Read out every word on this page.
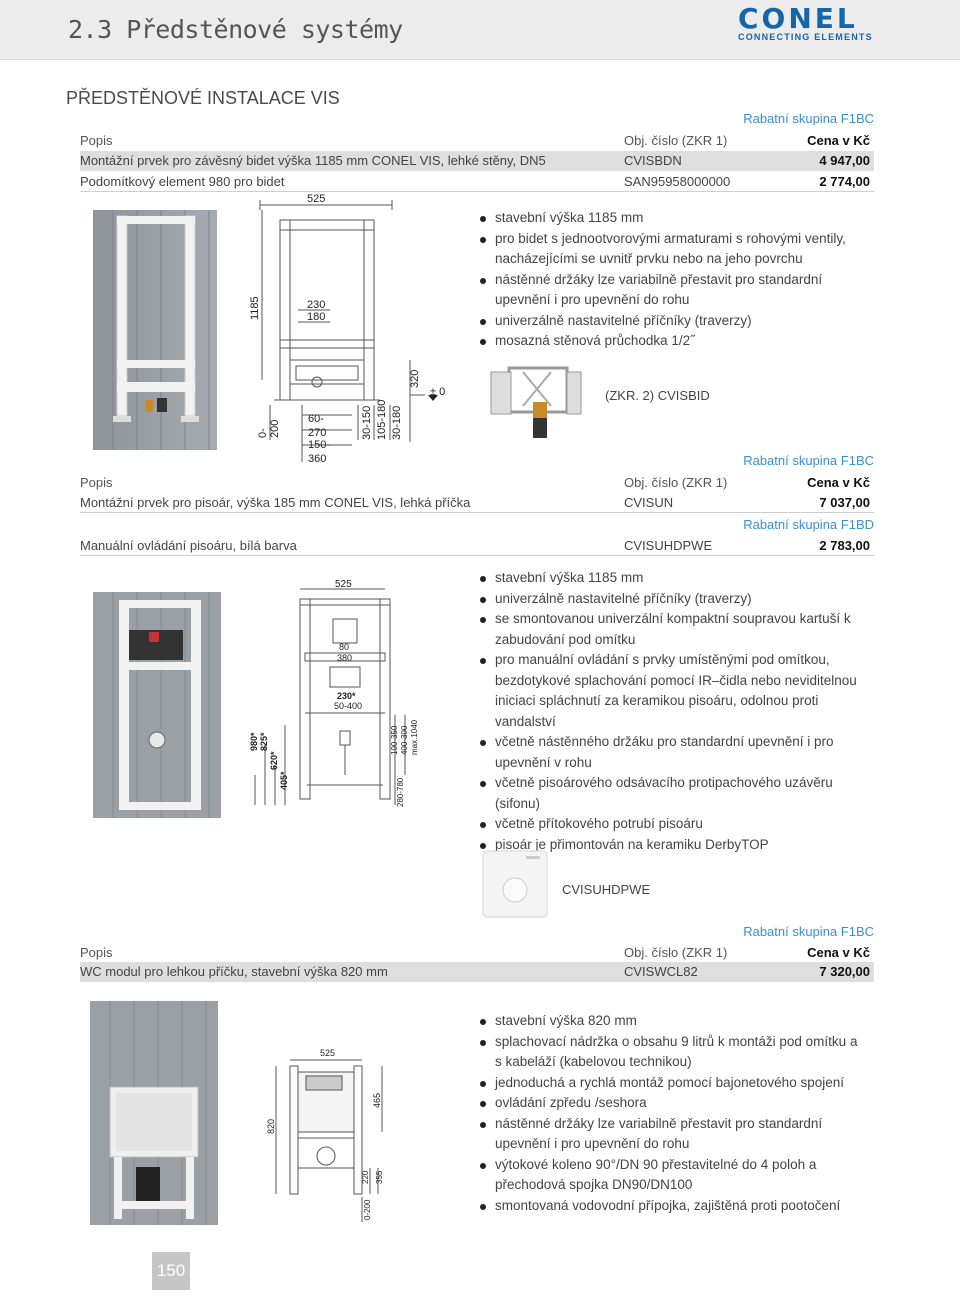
2.3 Předstěnové systémy	CONEL
CONNECTING ELEMENTS
PŘEDSTĚNOVÉ INSTALACE VIS
Rabatní skupina F1BC
Popis	Obj. číslo (ZKR 1)	Cena v Kč
Montážní prvek pro závěsný bidet výška 1185 mm CONEL VIS, lehké stěny, DN5	CVISBDN	4 947,00
Podomítkový element 980 pro bidet	SAN95958000000	2 774,00
525
1185	230
180
320
± 0
0- 200
60-
270
150-
360
30-150 105-180 30-180
stavební výška 1185 mm
pro bidet s jednootvorovými armaturami s rohovými ventily, nacházejícími se uvnitř prvku nebo na jeho povrchu
nástěnné držáky lze variabilně přestavit pro standardní upevnění i pro upevnění do rohu
univerzálně nastavitelné příčníky (traverzy)
mosazná stěnová průchodka 1/2˝
(ZKR. 2) CVISBID
Rabatní skupina F1BC
Popis	Obj. číslo (ZKR 1)	Cena v Kč
Montážní prvek pro pisoár, výška 185 mm CONEL VIS, lehká příčka	CVISUN	7 037,00
Rabatní skupina F1BD
Manuální ovládání pisoáru, bílá barva	CVISUHDPWE	2 783,00
525
80
380
230*
50-400
980* 825*
620*
405*
100-350 400-300 max.1040
280-780
stavební výška 1185 mm
univerzálně nastavitelné příčníky (traverzy)
se smontovanou univerzální kompaktní soupravou kartuší k zabudování pod omítku
pro manuální ovládání s prvky umístěnými pod omítkou, bezdotykové splachování pomocí IR–čidla nebo neviditelnou iniciaci spláchnutí za keramikou pisoáru, odolnou proti vandalství
včetně nástěnného držáku pro standardní upevnění i pro upevnění v rohu
včetně pisoárového odsávacího protipachového uzávěru (sifonu)
včetně přítokového potrubí pisoáru
pisoár je přimontován na keramiku DerbyTOP
CVISUHDPWE
Rabatní skupina F1BC
Popis	Obj. číslo (ZKR 1)	Cena v Kč
WC modul pro lehkou příčku, stavební výška 820 mm	CVISWCL82	7 320,00
525
820
465
220 355
0-200
stavební výška 820 mm
splachovací nádržka o obsahu 9 litrů k montáži pod omítku a s kabeláží (kabelovou technikou)
jednoduchá a rychlá montáž pomocí bajonetového spojení
ovládání zpředu /seshora
nástěnné držáky lze variabilně přestavit pro standardní upevnění i pro upevnění do rohu
výtokové koleno 90°/DN 90 přestavitelné do 4 poloh a přechodová spojka DN90/DN100
smontovaná vodovodní přípojka, zajištěná proti pootočení
150
